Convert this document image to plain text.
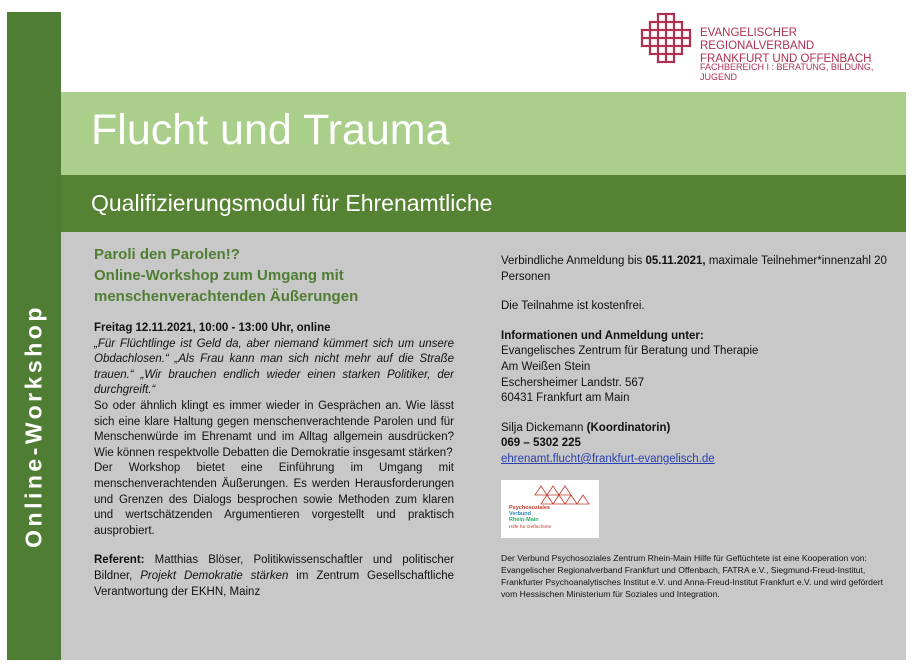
Online-Workshop
EVANGELISCHER REGIONALVERBAND
FRANKFURT UND OFFENBACH
FACHBEREICH I : BERATUNG, BILDUNG, JUGEND
Flucht und Trauma
Qualifizierungsmodul für Ehrenamtliche
Paroli den Parolen!?
Online-Workshop zum Umgang mit
menschenverachtenden Äußerungen
Freitag 12.11.2021, 10:00 - 13:00 Uhr, online
„Für Flüchtlinge ist Geld da, aber niemand kümmert sich um unsere Obdachlosen.“ „Als Frau kann man sich nicht mehr auf die Straße trauen.“ „Wir brauchen endlich wieder einen starken Politiker, der durchgreift.“
So oder ähnlich klingt es immer wieder in Gesprächen an. Wie lässt sich eine klare Haltung gegen menschenverachtende Parolen und für Menschenwürde im Ehrenamt und im Alltag allgemein ausdrücken? Wie können respektvolle Debatten die Demokratie insgesamt stärken?
Der Workshop bietet eine Einführung im Umgang mit menschenverachtenden Äußerungen. Es werden Herausforderungen und Grenzen des Dialogs besprochen sowie Methoden zum klaren und wertschätzenden Argumentieren vorgestellt und praktisch ausprobiert.
Referent: Matthias Blöser, Politikwissenschaftler und politischer Bildner, Projekt Demokratie stärken im Zentrum Gesellschaftliche Verantwortung der EKHN, Mainz
Verbindliche Anmeldung bis 05.11.2021, maximale Teilnehmer*innenzahl 20 Personen
Die Teilnahme ist kostenfrei.
Informationen und Anmeldung unter:
Evangelisches Zentrum für Beratung und Therapie
Am Weißen Stein
Eschersheimer Landstr. 567
60431 Frankfurt am Main
Silja Dickemann (Koordinatorin)
069 – 5302 225
ehrenamt.flucht@frankfurt-evangelisch.de
Psychosoziales
Verbund
Rhein-Main
Hilfe für Geflüchtete
Der Verbund Psychosoziales Zentrum Rhein-Main Hilfe für Geflüchtete ist eine Kooperation von: Evangelischer Regionalverband Frankfurt und Offenbach, FATRA e.V., Siegmund-Freud-Institut, Frankfurter Psychoanalytisches Institut e.V. und Anna-Freud-Institut Frankfurt e.V. und wird gefördert vom Hessischen Ministerium für Soziales und Integration.
